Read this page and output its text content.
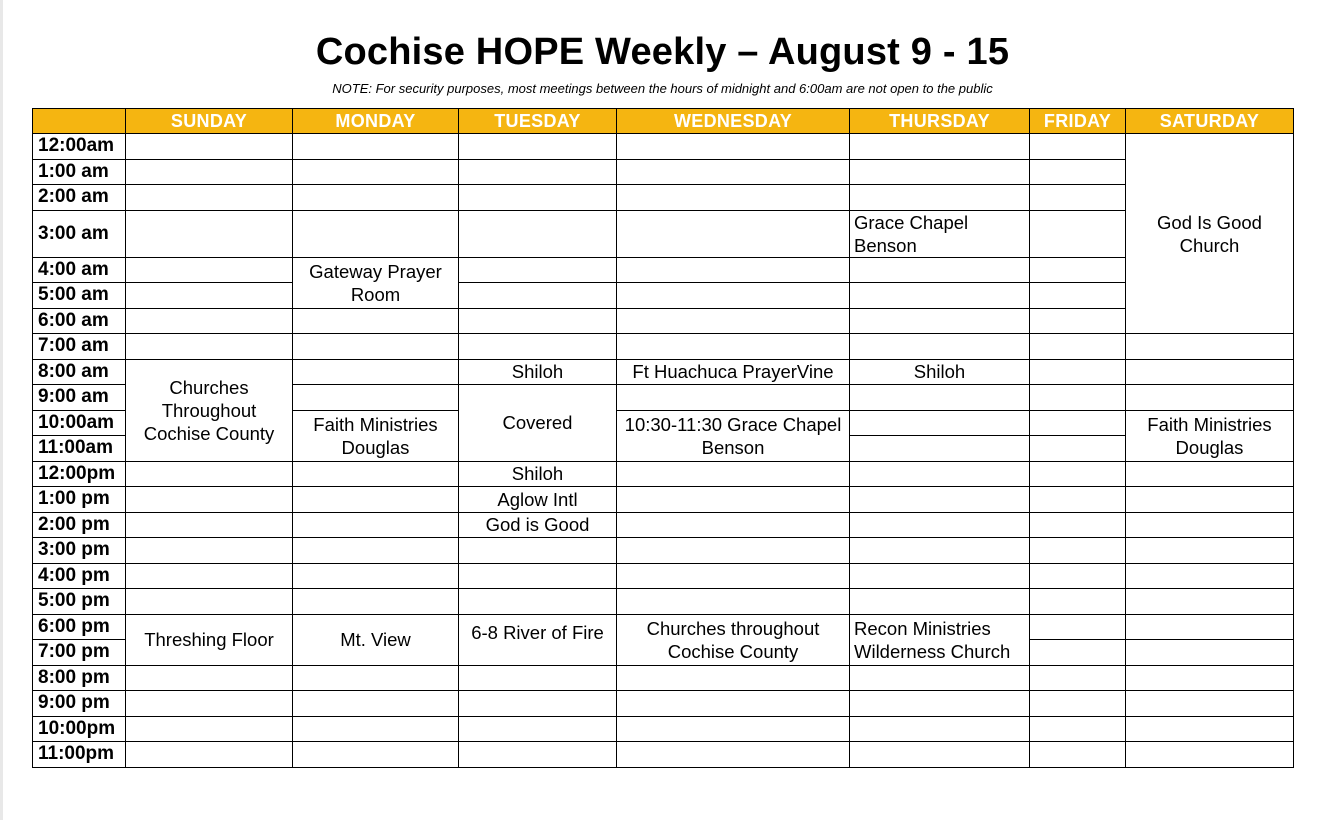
Cochise HOPE Weekly – August 9 - 15
NOTE: For security purposes, most meetings between the hours of midnight and 6:00am are not open to the public
	SUNDAY	MONDAY	TUESDAY	WEDNESDAY	THURSDAY	FRIDAY	SATURDAY
12:00am							God Is Good Church
1:00 am							
2:00 am							
3:00 am					Grace Chapel Benson		
4:00 am		Gateway Prayer Room					
5:00 am							
6:00 am							
7:00 am							
8:00 am	Churches Throughout Cochise County		Shiloh	Ft Huachuca PrayerVine	Shiloh		
9:00 am			Covered				
10:00am		Faith Ministries Douglas		10:30-11:30 Grace Chapel Benson			Faith Ministries Douglas
11:00am							
12:00pm			Shiloh				
1:00 pm			Aglow Intl				
2:00 pm			God is Good				
3:00 pm							
4:00 pm							
5:00 pm							
6:00 pm	Threshing Floor	Mt. View	6-8 River of Fire	Churches throughout Cochise County	Recon Ministries Wilderness Church		
7:00 pm							
8:00 pm							
9:00 pm							
10:00pm							
11:00pm							
